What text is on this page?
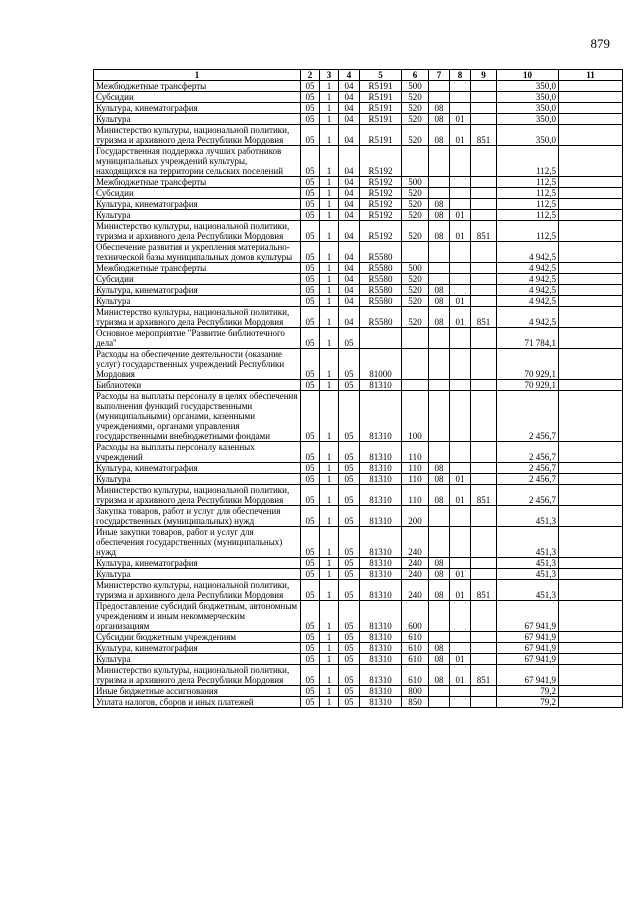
879
1	2	3	4	5	6	7	8	9	10	11
Межбюджетные трансферты	05	1	04	R5191	500				350,0	
Субсидии	05	1	04	R5191	520				350,0	
Культура, кинематография	05	1	04	R5191	520	08			350,0	
Культура	05	1	04	R5191	520	08	01		350,0	
Министерство культуры, национальной политики, туризма и архивного дела Республики Мордовия	05	1	04	R5191	520	08	01	851	350,0	
Государственная поддержка лучших работников муниципальных учреждений культуры, находящихся на территории сельских поселений	05	1	04	R5192					112,5	
Межбюджетные трансферты	05	1	04	R5192	500				112,5	
Субсидии	05	1	04	R5192	520				112,5	
Культура, кинематография	05	1	04	R5192	520	08			112,5	
Культура	05	1	04	R5192	520	08	01		112,5	
Министерство культуры, национальной политики, туризма и архивного дела Республики Мордовия	05	1	04	R5192	520	08	01	851	112,5	
Обеспечение развития и укрепления материально-технической базы муниципальных домов культуры	05	1	04	R5580					4 942,5	
Межбюджетные трансферты	05	1	04	R5580	500				4 942,5	
Субсидии	05	1	04	R5580	520				4 942,5	
Культура, кинематография	05	1	04	R5580	520	08			4 942,5	
Культура	05	1	04	R5580	520	08	01		4 942,5	
Министерство культуры, национальной политики, туризма и архивного дела Республики Мордовия	05	1	04	R5580	520	08	01	851	4 942,5	
Основное мероприятие "Развитие библиотечного дела"	05	1	05						71 784,1	
Расходы на обеспечение деятельности (оказание услуг) государственных учреждений Республики Мордовия	05	1	05	81000					70 929,1	
Библиотеки	05	1	05	81310					70 929,1	
Расходы на выплаты персоналу в целях обеспечения выполнения функций государственными (муниципальными) органами, казенными учреждениями, органами управления государственными внебюджетными фондами	05	1	05	81310	100				2 456,7	
Расходы на выплаты персоналу казенных учреждений	05	1	05	81310	110				2 456,7	
Культура, кинематография	05	1	05	81310	110	08			2 456,7	
Культура	05	1	05	81310	110	08	01		2 456,7	
Министерство культуры, национальной политики, туризма и архивного дела Республики Мордовия	05	1	05	81310	110	08	01	851	2 456,7	
Закупка товаров, работ и услуг для обеспечения государственных (муниципальных) нужд	05	1	05	81310	200				451,3	
Иные закупки товаров, работ и услуг для обеспечения государственных (муниципальных) нужд	05	1	05	81310	240				451,3	
Культура, кинематография	05	1	05	81310	240	08			451,3	
Культура	05	1	05	81310	240	08	01		451,3	
Министерство культуры, национальной политики, туризма и архивного дела Республики Мордовия	05	1	05	81310	240	08	01	851	451,3	
Предоставление субсидий бюджетным, автономным учреждениям и иным некоммерческим организациям	05	1	05	81310	600				67 941,9	
Субсидии бюджетным учреждениям	05	1	05	81310	610				67 941,9	
Культура, кинематография	05	1	05	81310	610	08			67 941,9	
Культура	05	1	05	81310	610	08	01		67 941,9	
Министерство культуры, национальной политики, туризма и архивного дела Республики Мордовия	05	1	05	81310	610	08	01	851	67 941,9	
Иные бюджетные ассигнования	05	1	05	81310	800				79,2	
Уплата налогов, сборов и иных платежей	05	1	05	81310	850				79,2	
